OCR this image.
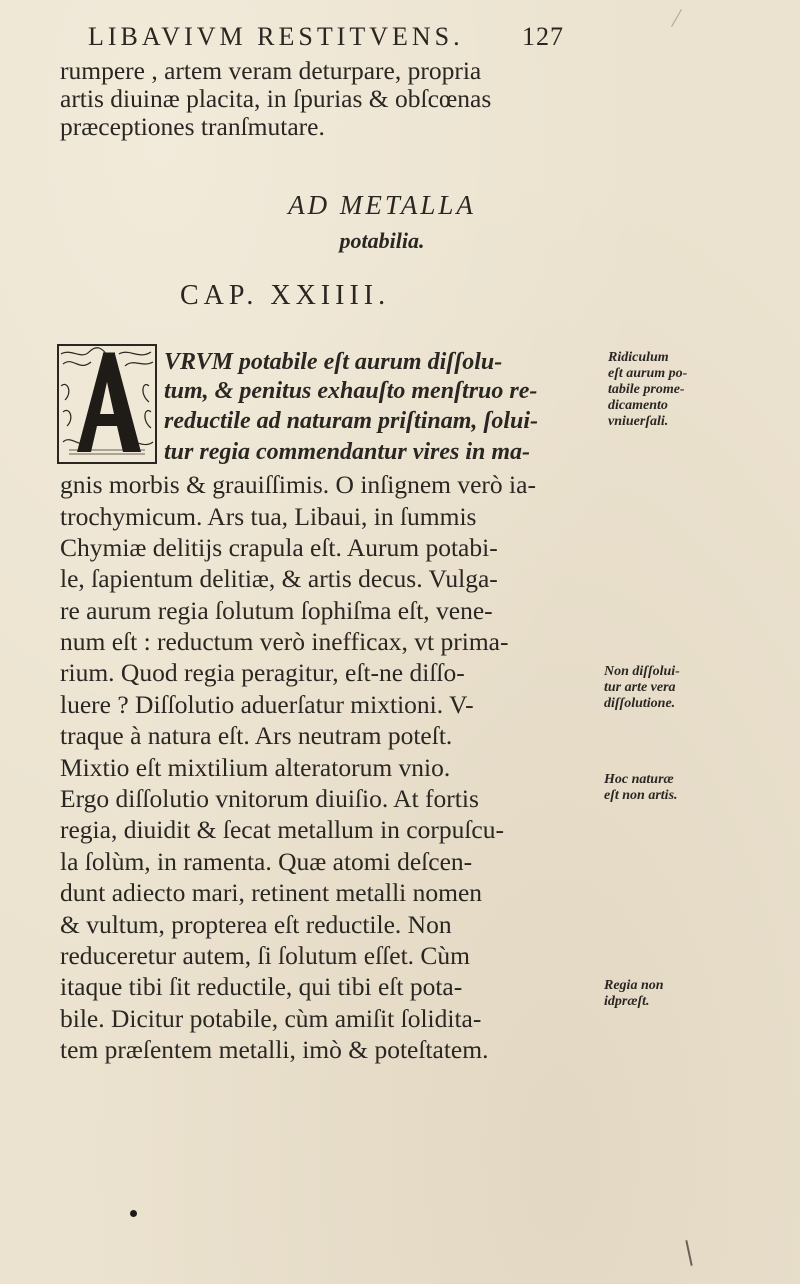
LIBAVIVM RESTITVENS.	127
rumpere , artem veram deturpare, propria
artis diuinæ placita, in ſpurias & obſcœnas
præceptiones tranſmutare.
AD METALLA
potabilia.
CAP. XXIIII.
VRVM potabile eſt aurum diſſolu-
tum, & penitus exhauſto menſtruo re-
reductile ad naturam priſtinam, ſolui-
tur regia commendantur vires in ma-
gnis morbis & grauiſſimis. O inſignem verò ia-
trochymicum. Ars tua, Libaui, in ſummis
Chymiæ delitijs crapula eſt. Aurum potabi-
le, ſapientum delitiæ, & artis decus. Vulga-
re aurum regia ſolutum ſophiſma eſt, vene-
num eſt : reductum verò inefficax, vt prima-
rium. Quod regia peragitur, eſt-ne diſſo-
luere ? Diſſolutio aduerſatur mixtioni. V-
traque à natura eſt. Ars neutram poteſt.
Mixtio eſt mixtilium alteratorum vnio.
Ergo diſſolutio vnitorum diuiſio. At fortis
regia, diuidit & ſecat metallum in corpuſcu-
la ſolùm, in ramenta. Quæ atomi deſcen-
dunt adiecto mari, retinent metalli nomen
& vultum, propterea eſt reductile. Non
reduceretur autem, ſi ſolutum eſſet. Cùm
itaque tibi ſit reductile, qui tibi eſt pota-
bile. Dicitur potabile, cùm amiſit ſolidita-
tem præſentem metalli, imò & poteſtatem.
Ridiculum
eſt aurum po-
tabile prome-
dicamento
vniuerſali.
Non diſſolui-
tur arte vera
diſſolutione.
Hoc naturæ
eſt non artis.
Regia non
idpræſt.
